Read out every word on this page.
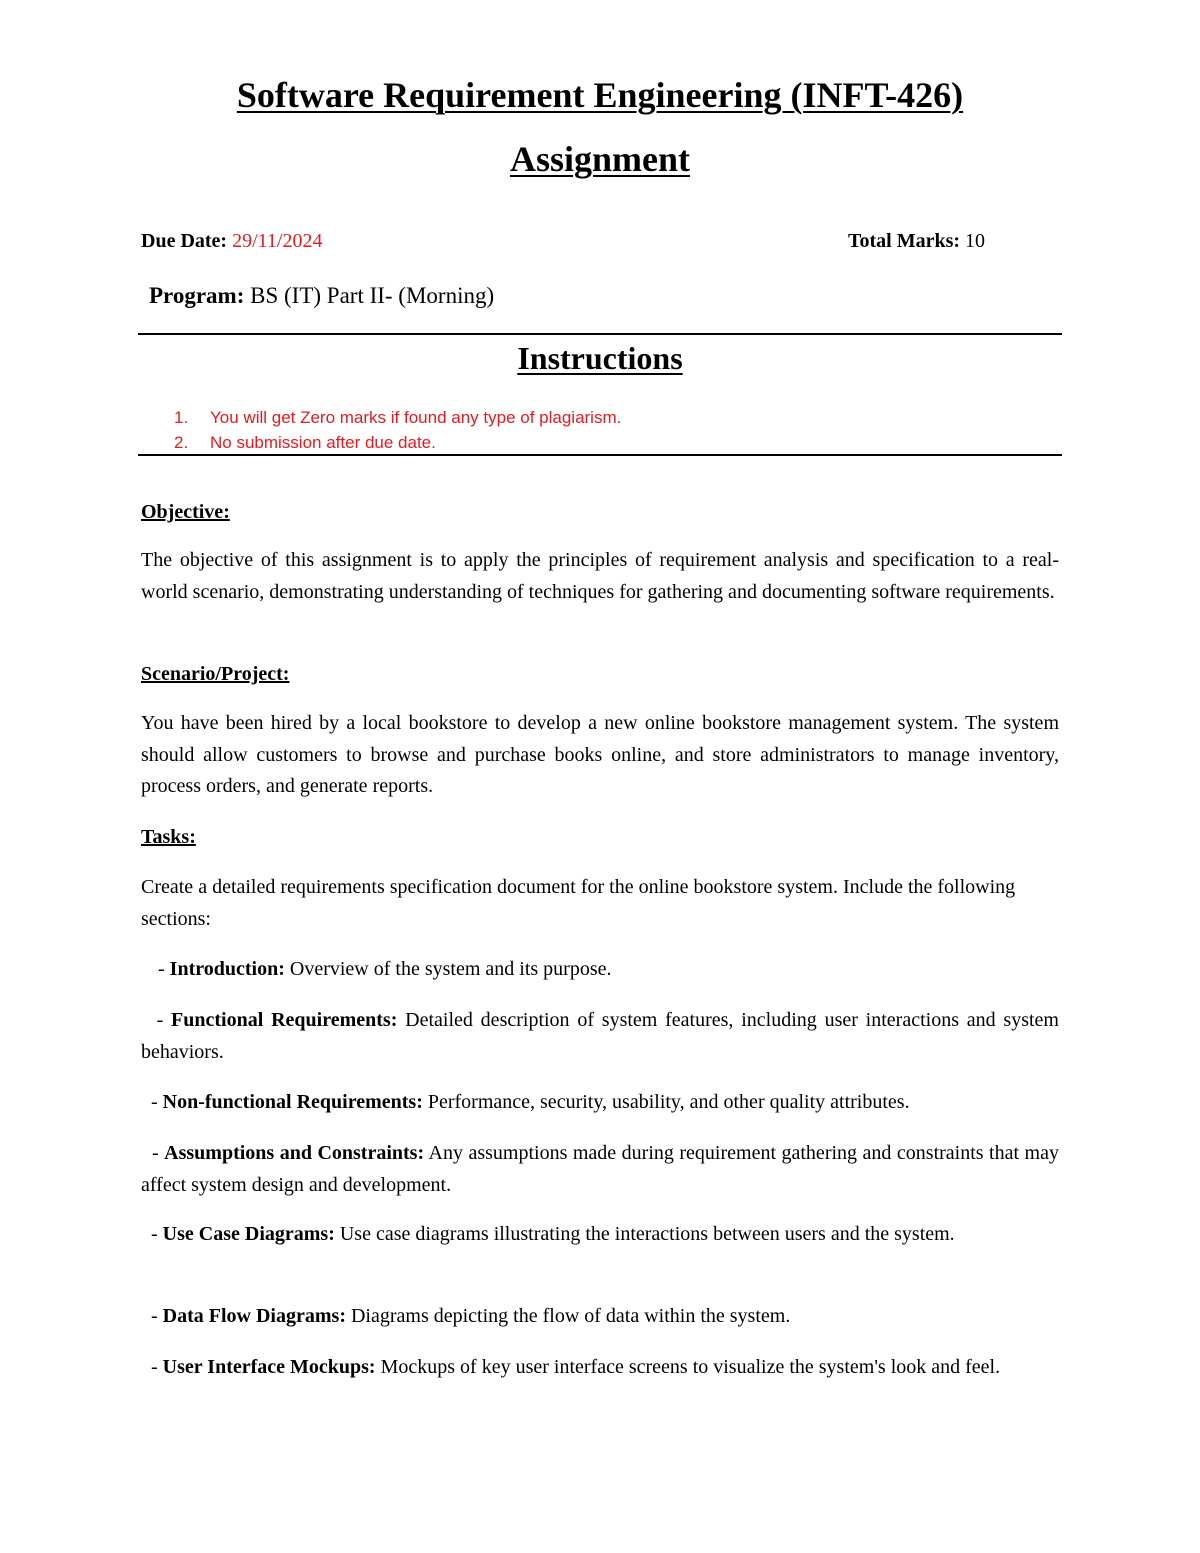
Software Requirement Engineering (INFT-426)
Assignment
Due Date: 29/11/2024	Total Marks: 10
Program: BS (IT) Part II- (Morning)
Instructions
1. You will get Zero marks if found any type of plagiarism.
2. No submission after due date.
Objective:

The objective of this assignment is to apply the principles of requirement analysis and specification to a real-world scenario, demonstrating understanding of techniques for gathering and documenting software requirements.

Scenario/Project:

You have been hired by a local bookstore to develop a new online bookstore management system. The system should allow customers to browse and purchase books online, and store administrators to manage inventory, process orders, and generate reports.

Tasks:

Create a detailed requirements specification document for the online bookstore system. Include the following sections:

- Introduction: Overview of the system and its purpose.

- Functional Requirements: Detailed description of system features, including user interactions and system behaviors.

- Non-functional Requirements: Performance, security, usability, and other quality attributes.

- Assumptions and Constraints: Any assumptions made during requirement gathering and constraints that may affect system design and development.

- Use Case Diagrams: Use case diagrams illustrating the interactions between users and the system.

- Data Flow Diagrams: Diagrams depicting the flow of data within the system.

- User Interface Mockups: Mockups of key user interface screens to visualize the system's look and feel.
